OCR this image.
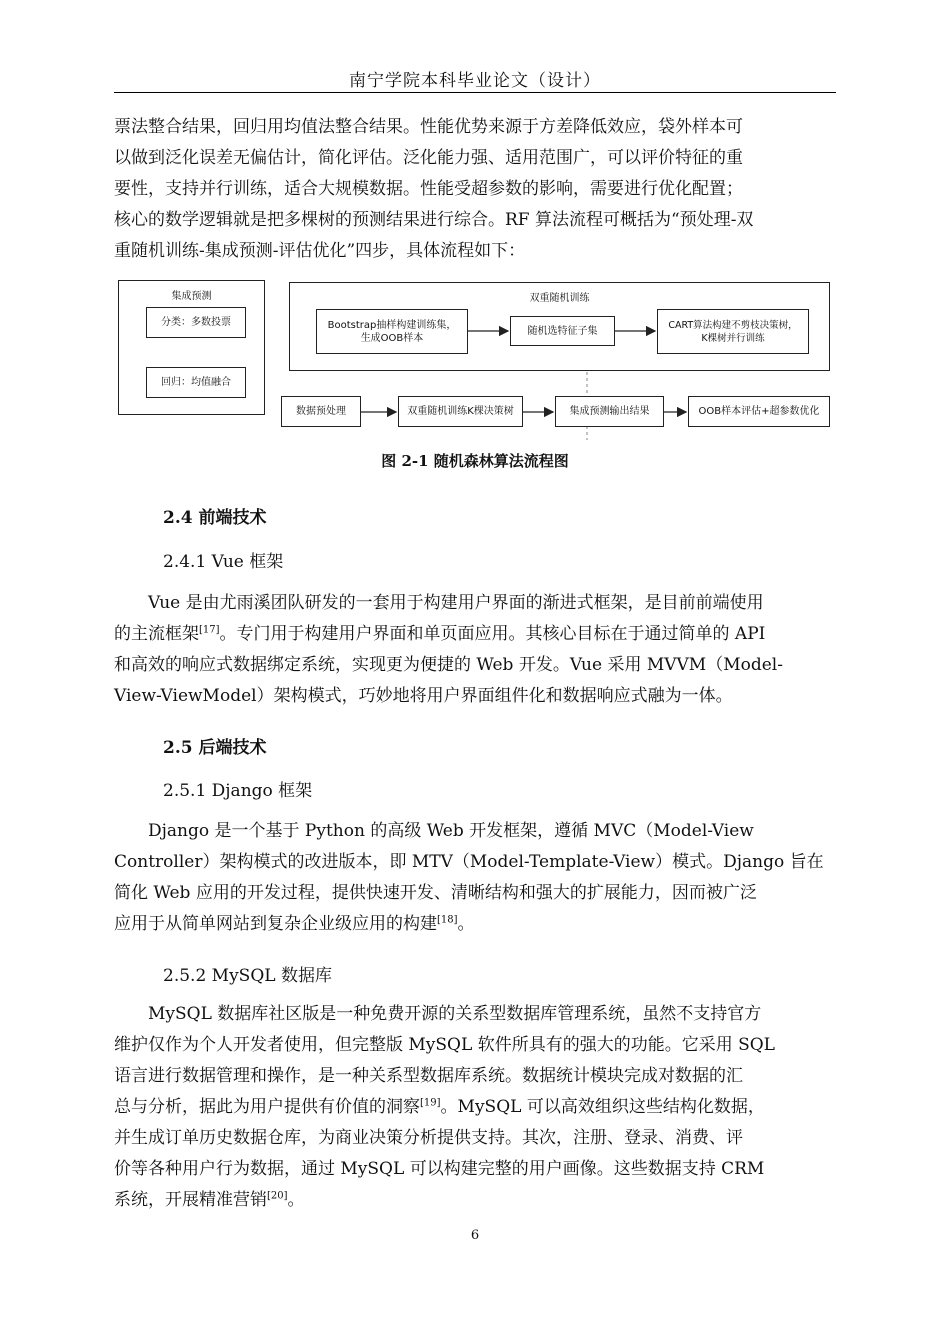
南宁学院本科毕业论文（设计）

票法整合结果，回归用均值法整合结果。性能优势来源于方差降低效应，袋外样本可

以做到泛化误差无偏估计，简化评估。泛化能力强、适用范围广，可以评价特征的重

要性，支持并行训练，适合大规模数据。性能受超参数的影响，需要进行优化配置；

核心的数学逻辑就是把多棵树的预测结果进行综合。RF 算法流程可概括为“预处理-双

重随机训练-集成预测-评估优化”四步，具体流程如下：

集成预测
分类：多数投票
回归：均值融合
双重随机训练
Bootstrap抽样构建训练集，
生成OOB样本
随机选特征子集
CART算法构建不剪枝决策树，
K棵树并行训练
数据预处理	双重随机训练K棵决策树	集成预测输出结果	OOB样本评估+超参数优化
图 2-1 随机森林算法流程图
2.4 前端技术
2.4.1 Vue 框架

Vue 是由尤雨溪团队研发的一套用于构建用户界面的渐进式框架，是目前前端使用

的主流框架[17]。专门用于构建用户界面和单页面应用。其核心目标在于通过简单的 API

和高效的响应式数据绑定系统，实现更为便捷的 Web 开发。Vue 采用 MVVM（Model-

View-ViewModel）架构模式，巧妙地将用户界面组件化和数据响应式融为一体。

2.5 后端技术
2.5.1 Django 框架

Django 是一个基于 Python 的高级 Web 开发框架，遵循 MVC（Model-View

Controller）架构模式的改进版本，即 MTV（Model-Template-View）模式。Django 旨在

简化 Web 应用的开发过程，提供快速开发、清晰结构和强大的扩展能力，因而被广泛

应用于从简单网站到复杂企业级应用的构建[18]。

2.5.2 MySQL 数据库

MySQL 数据库社区版是一种免费开源的关系型数据库管理系统，虽然不支持官方

维护仅作为个人开发者使用，但完整版 MySQL 软件所具有的强大的功能。它采用 SQL

语言进行数据管理和操作，是一种关系型数据库系统。数据统计模块完成对数据的汇

总与分析，据此为用户提供有价值的洞察[19]。MySQL 可以高效组织这些结构化数据，

并生成订单历史数据仓库，为商业决策分析提供支持。其次，注册、登录、消费、评

价等各种用户行为数据，通过 MySQL 可以构建完整的用户画像。这些数据支持 CRM

系统，开展精准营销[20]。

6
